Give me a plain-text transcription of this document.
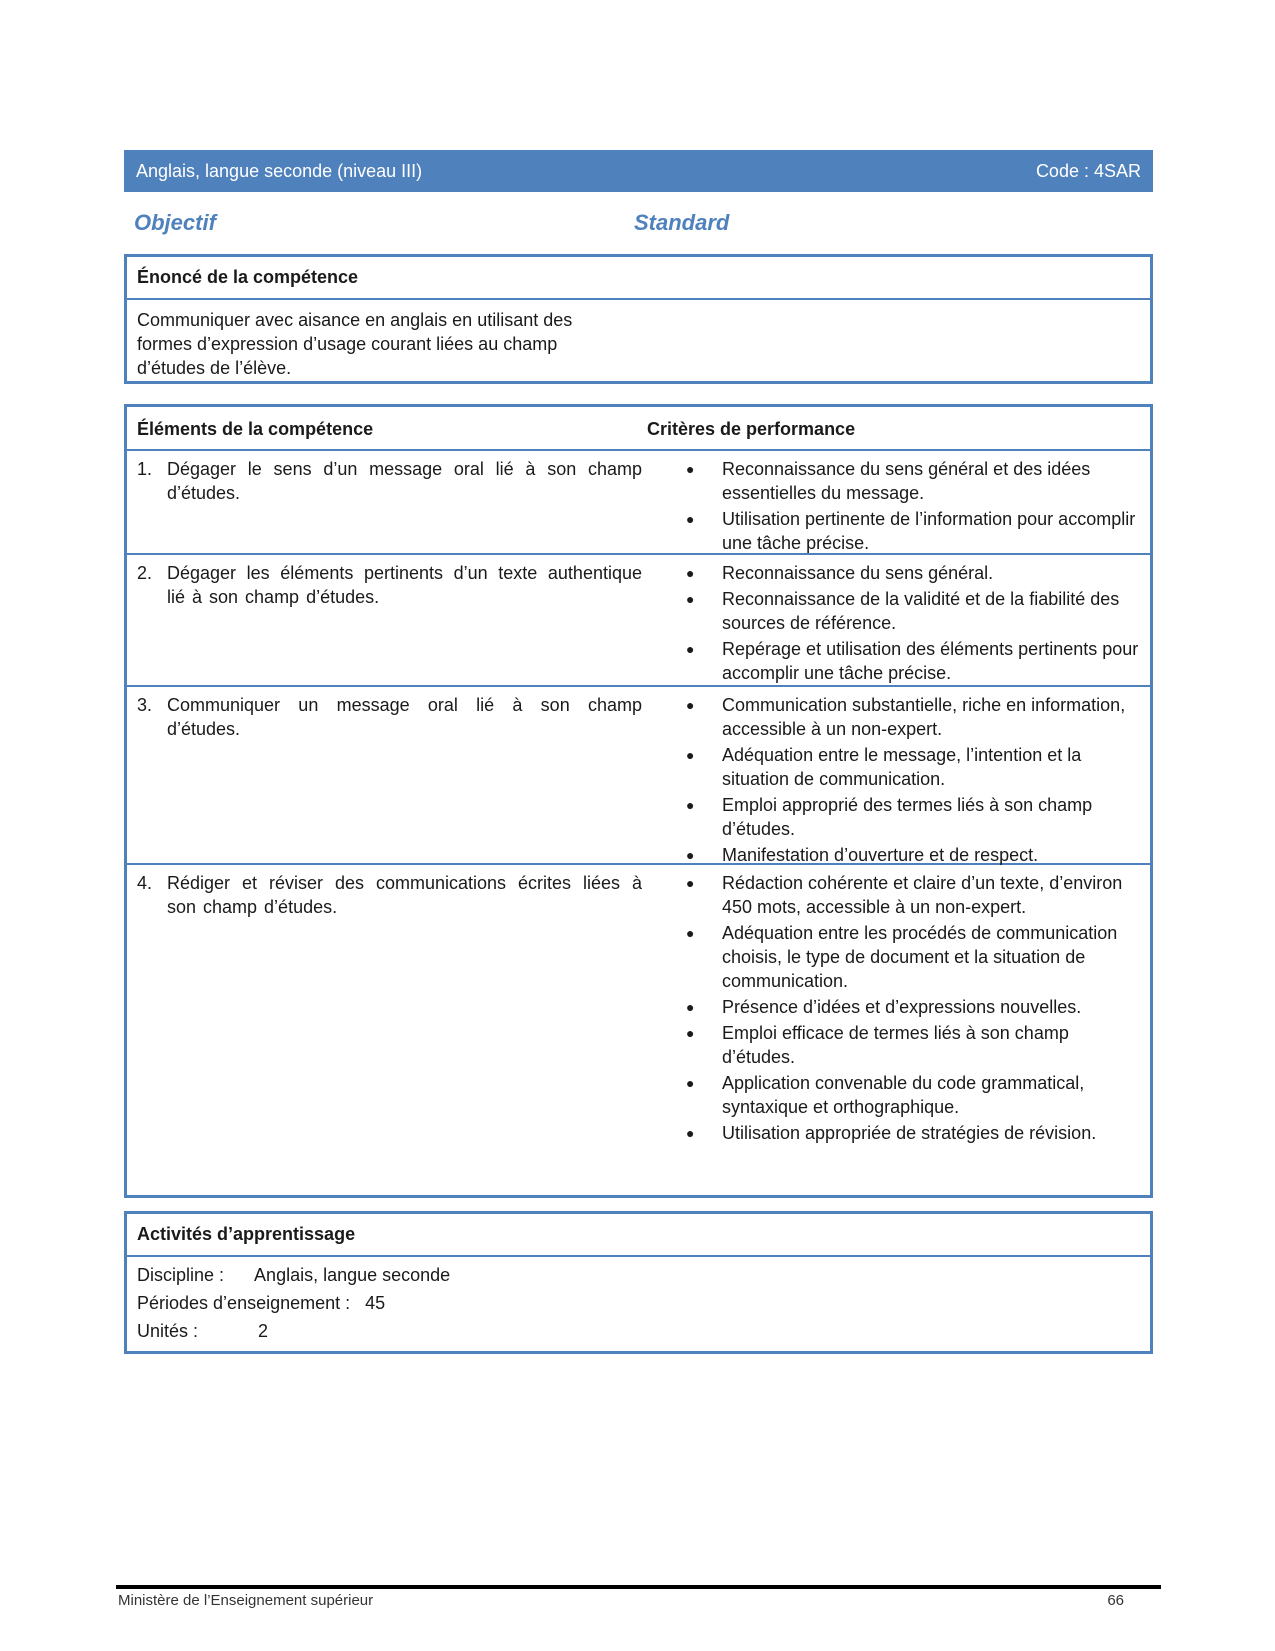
Anglais, langue seconde (niveau III)	Code : 4SAR
Objectif	Standard
Énoncé de la compétence
Communiquer avec aisance en anglais en utilisant des formes d’expression d’usage courant liées au champ d’études de l’élève.
Éléments de la compétence	Critères de performance
1. Dégager le sens d’un message oral lié à son champ d’études.
●	Reconnaissance du sens général et des idées essentielles du message.
●	Utilisation pertinente de l’information pour accomplir une tâche précise.
2. Dégager les éléments pertinents d’un texte authentique lié à son champ d’études.
●	Reconnaissance du sens général.
●	Reconnaissance de la validité et de la fiabilité des sources de référence.
●	Repérage et utilisation des éléments pertinents pour accomplir une tâche précise.
3. Communiquer un message oral lié à son champ d’études.
●	Communication substantielle, riche en information, accessible à un non-expert.
●	Adéquation entre le message, l’intention et la situation de communication.
●	Emploi approprié des termes liés à son champ d’études.
●	Manifestation d’ouverture et de respect.
4. Rédiger et réviser des communications écrites liées à son champ d’études.
●	Rédaction cohérente et claire d’un texte, d’environ 450 mots, accessible à un non-expert.
●	Adéquation entre les procédés de communication choisis, le type de document et la situation de communication.
●	Présence d’idées et d’expressions nouvelles.
●	Emploi efficace de termes liés à son champ d’études.
●	Application convenable du code grammatical, syntaxique et orthographique.
●	Utilisation appropriée de stratégies de révision.
Activités d’apprentissage
Discipline : Anglais, langue seconde
Périodes d’enseignement : 45
Unités : 2
Ministère de l’Enseignement supérieur	66
